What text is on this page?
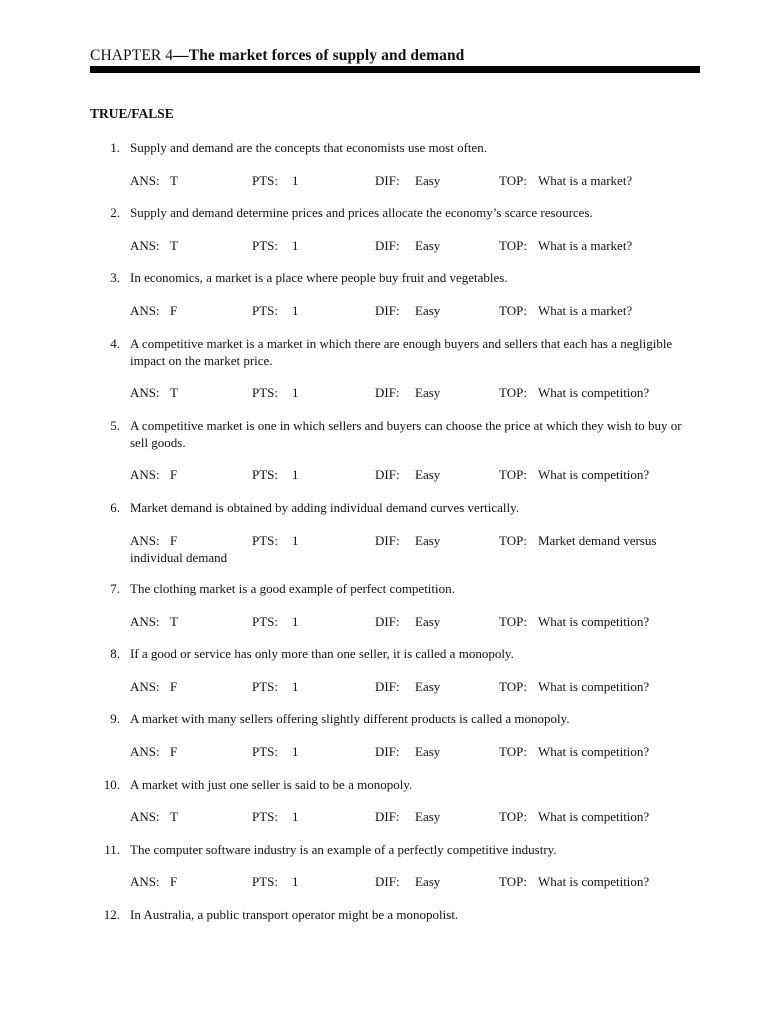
CHAPTER 4—The market forces of supply and demand
TRUE/FALSE
1. Supply and demand are the concepts that economists use most often.
ANS: T	PTS: 1	DIF: Easy	TOP: What is a market?
2. Supply and demand determine prices and prices allocate the economy’s scarce resources.
ANS: T	PTS: 1	DIF: Easy	TOP: What is a market?
3. In economics, a market is a place where people buy fruit and vegetables.
ANS: F	PTS: 1	DIF: Easy	TOP: What is a market?
4. A competitive market is a market in which there are enough buyers and sellers that each has a negligible impact on the market price.
ANS: T	PTS: 1	DIF: Easy	TOP: What is competition?
5. A competitive market is one in which sellers and buyers can choose the price at which they wish to buy or sell goods.
ANS: F	PTS: 1	DIF: Easy	TOP: What is competition?
6. Market demand is obtained by adding individual demand curves vertically.
ANS: F	PTS: 1	DIF: Easy	TOP: Market demand versus
individual demand
7. The clothing market is a good example of perfect competition.
ANS: T	PTS: 1	DIF: Easy	TOP: What is competition?
8. If a good or service has only more than one seller, it is called a monopoly.
ANS: F	PTS: 1	DIF: Easy	TOP: What is competition?
9. A market with many sellers offering slightly different products is called a monopoly.
ANS: F	PTS: 1	DIF: Easy	TOP: What is competition?
10. A market with just one seller is said to be a monopoly.
ANS: T	PTS: 1	DIF: Easy	TOP: What is competition?
11. The computer software industry is an example of a perfectly competitive industry.
ANS: F	PTS: 1	DIF: Easy	TOP: What is competition?
12. In Australia, a public transport operator might be a monopolist.
